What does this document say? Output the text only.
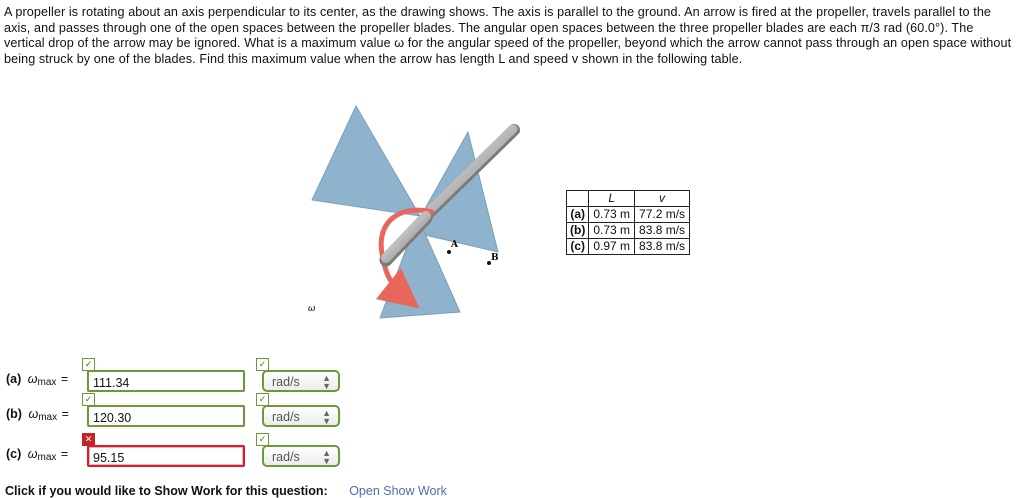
A propeller is rotating about an axis perpendicular to its center, as the drawing shows. The axis is parallel to the ground. An arrow is fired at the propeller, travels parallel to the axis, and passes through one of the open spaces between the propeller blades. The angular open spaces between the three propeller blades are each π/3 rad (60.0°). The vertical drop of the arrow may be ignored. What is a maximum value ω for the angular speed of the propeller, beyond which the arrow cannot pass through an open space without being struck by one of the blades. Find this maximum value when the arrow has length L and speed v shown in the following table.

A
B
ω
	L	v
(a)	0.73 m	77.2 m/s
(b)	0.73 m	83.8 m/s
(c)	0.97 m	83.8 m/s
(a) $\omega_{max}$ =
✓
111.34	✓
rad/s ▲
▼
(b) $\omega_{max}$ =
✓
120.30	✓
rad/s ▲
▼
(c) $\omega_{max}$ =
✕
95.15	✓
rad/s ▲
▼
Click if you would like to Show Work for this question: Open Show Work
